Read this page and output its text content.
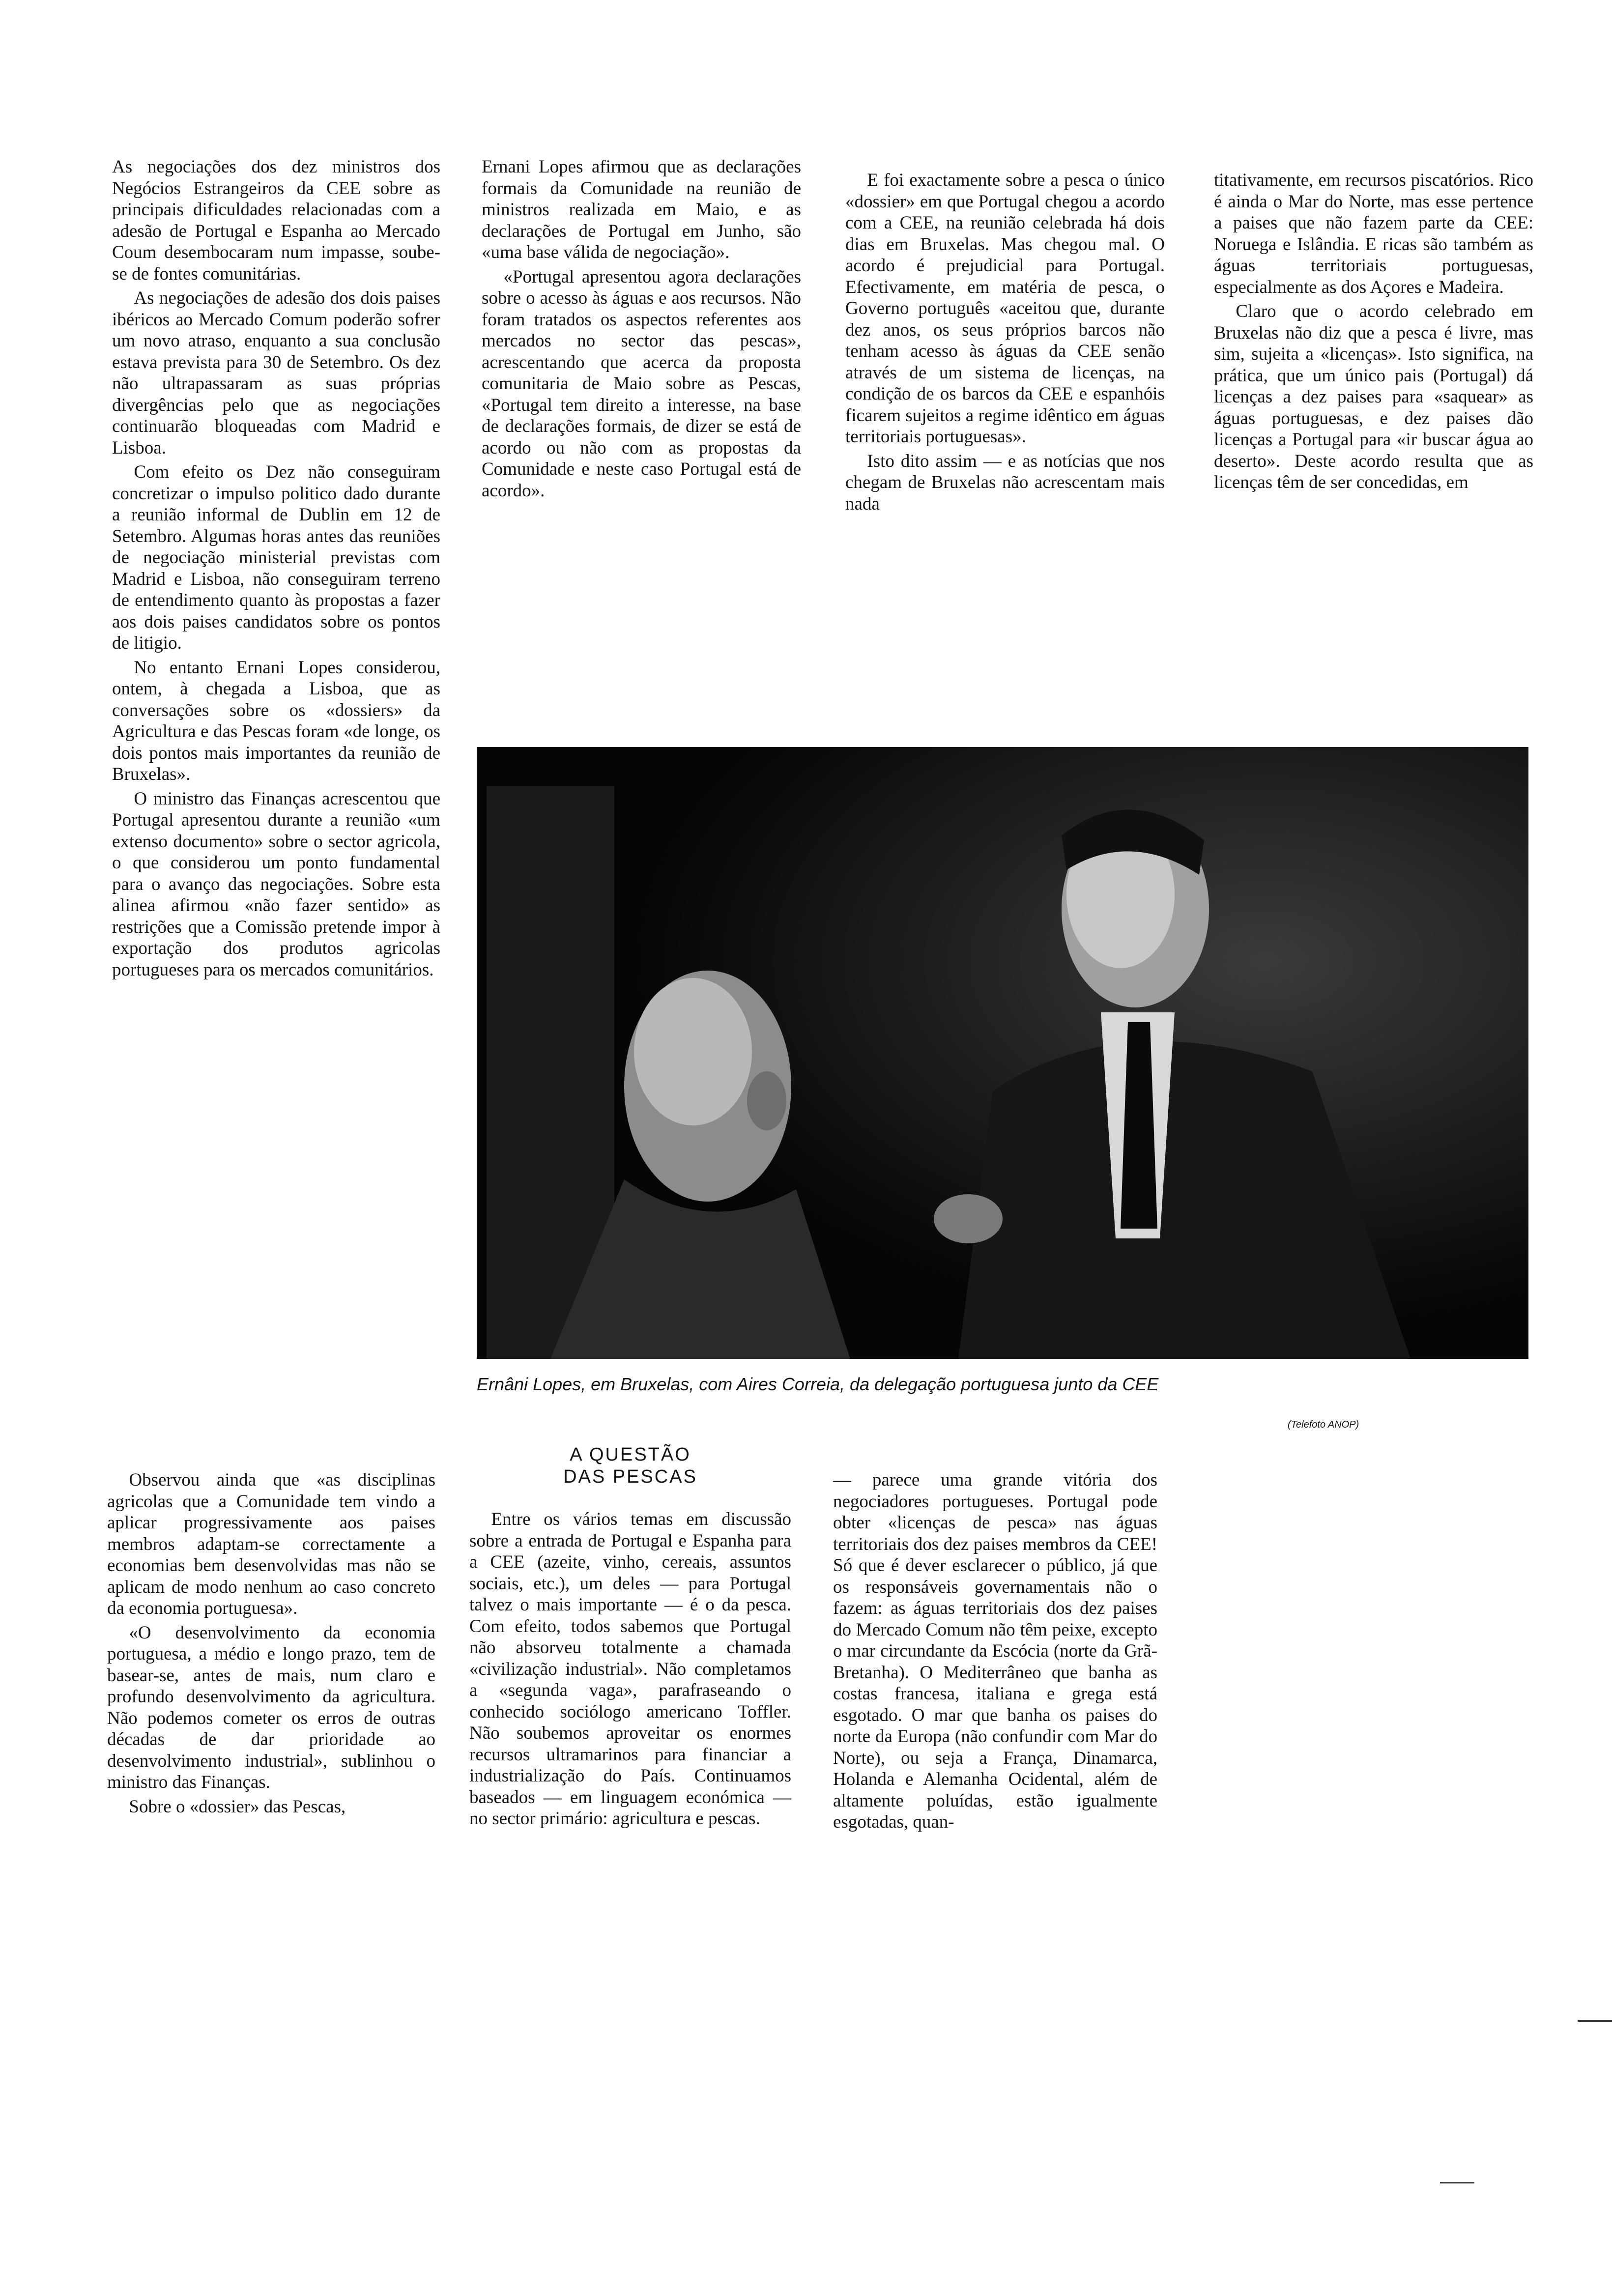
As negociações dos dez ministros dos Negócios Estrangeiros da CEE sobre as principais dificuldades relacionadas com a adesão de Portugal e Espanha ao Mercado Coum desembocaram num impasse, soube-se de fontes comunitárias.

As negociações de adesão dos dois paises ibéricos ao Mercado Comum poderão sofrer um novo atraso, enquanto a sua conclusão estava prevista para 30 de Setembro. Os dez não ultrapassaram as suas próprias divergências pelo que as negociações continuarão bloqueadas com Madrid e Lisboa.

Com efeito os Dez não conseguiram concretizar o impulso politico dado durante a reunião informal de Dublin em 12 de Setembro. Algumas horas antes das reuniões de negociação ministerial previstas com Madrid e Lisboa, não conseguiram terreno de entendimento quanto às propostas a fazer aos dois paises candidatos sobre os pontos de litigio.

No entanto Ernani Lopes considerou, ontem, à chegada a Lisboa, que as conversações sobre os «dossiers» da Agricultura e das Pescas foram «de longe, os dois pontos mais importantes da reunião de Bruxelas».

O ministro das Finanças acrescentou que Portugal apresentou durante a reunião «um extenso documento» sobre o sector agricola, o que considerou um ponto fundamental para o avanço das negociações. Sobre esta alinea afirmou «não fazer sentido» as restrições que a Comissão pretende impor à exportação dos produtos agricolas portugueses para os mercados comunitários.

Ernani Lopes afirmou que as declarações formais da Comunidade na reunião de ministros realizada em Maio, e as declarações de Portugal em Junho, são «uma base válida de negociação».

«Portugal apresentou agora declarações sobre o acesso às águas e aos recursos. Não foram tratados os aspectos referentes aos mercados no sector das pescas», acrescentando que acerca da proposta comunitaria de Maio sobre as Pescas, «Portugal tem direito a interesse, na base de declarações formais, de dizer se está de acordo ou não com as propostas da Comunidade e neste caso Portugal está de acordo».

E foi exactamente sobre a pesca o único «dossier» em que Portugal chegou a acordo com a CEE, na reunião celebrada há dois dias em Bruxelas. Mas chegou mal. O acordo é prejudicial para Portugal. Efectivamente, em matéria de pesca, o Governo português «aceitou que, durante dez anos, os seus próprios barcos não tenham acesso às águas da CEE senão através de um sistema de licenças, na condição de os barcos da CEE e espanhóis ficarem sujeitos a regime idêntico em águas territoriais portuguesas».

Isto dito assim — e as notícias que nos chegam de Bruxelas não acrescentam mais nada

titativamente, em recursos piscatórios. Rico é ainda o Mar do Norte, mas esse pertence a paises que não fazem parte da CEE: Noruega e Islândia. E ricas são também as águas territoriais portuguesas, especialmente as dos Açores e Madeira.

Claro que o acordo celebrado em Bruxelas não diz que a pesca é livre, mas sim, sujeita a «licenças». Isto significa, na prática, que um único pais (Portugal) dá licenças a dez paises para «saquear» as águas portuguesas, e dez paises dão licenças a Portugal para «ir buscar água ao deserto». Deste acordo resulta que as licenças têm de ser concedidas, em

Ernâni Lopes, em Bruxelas, com Aires Correia, da delegação portuguesa junto da CEE
(Telefoto ANOP)

Observou ainda que «as disciplinas agricolas que a Comunidade tem vindo a aplicar progressivamente aos paises membros adaptam-se correctamente a economias bem desenvolvidas mas não se aplicam de modo nenhum ao caso concreto da economia portuguesa».

«O desenvolvimento da economia portuguesa, a médio e longo prazo, tem de basear-se, antes de mais, num claro e profundo desenvolvimento da agricultura. Não podemos cometer os erros de outras décadas de dar prioridade ao desenvolvimento industrial», sublinhou o ministro das Finanças.

Sobre o «dossier» das Pescas,

A QUESTÃO
DAS PESCAS

Entre os vários temas em discussão sobre a entrada de Portugal e Espanha para a CEE (azeite, vinho, cereais, assuntos sociais, etc.), um deles — para Portugal talvez o mais importante — é o da pesca. Com efeito, todos sabemos que Portugal não absorveu totalmente a chamada «civilização industrial». Não completamos a «segunda vaga», parafraseando o conhecido sociólogo americano Toffler. Não soubemos aproveitar os enormes recursos ultramarinos para financiar a industrialização do País. Continuamos baseados — em linguagem económica — no sector primário: agricultura e pescas.

— parece uma grande vitória dos negociadores portugueses. Portugal pode obter «licenças de pesca» nas águas territoriais dos dez paises membros da CEE! Só que é dever esclarecer o público, já que os responsáveis governamentais não o fazem: as águas territoriais dos dez paises do Mercado Comum não têm peixe, excepto o mar circundante da Escócia (norte da Grã-Bretanha). O Mediterrâneo que banha as costas francesa, italiana e grega está esgotado. O mar que banha os paises do norte da Europa (não confundir com Mar do Norte), ou seja a França, Dinamarca, Holanda e Alemanha Ocidental, além de altamente poluídas, estão igualmente esgotadas, quan-
